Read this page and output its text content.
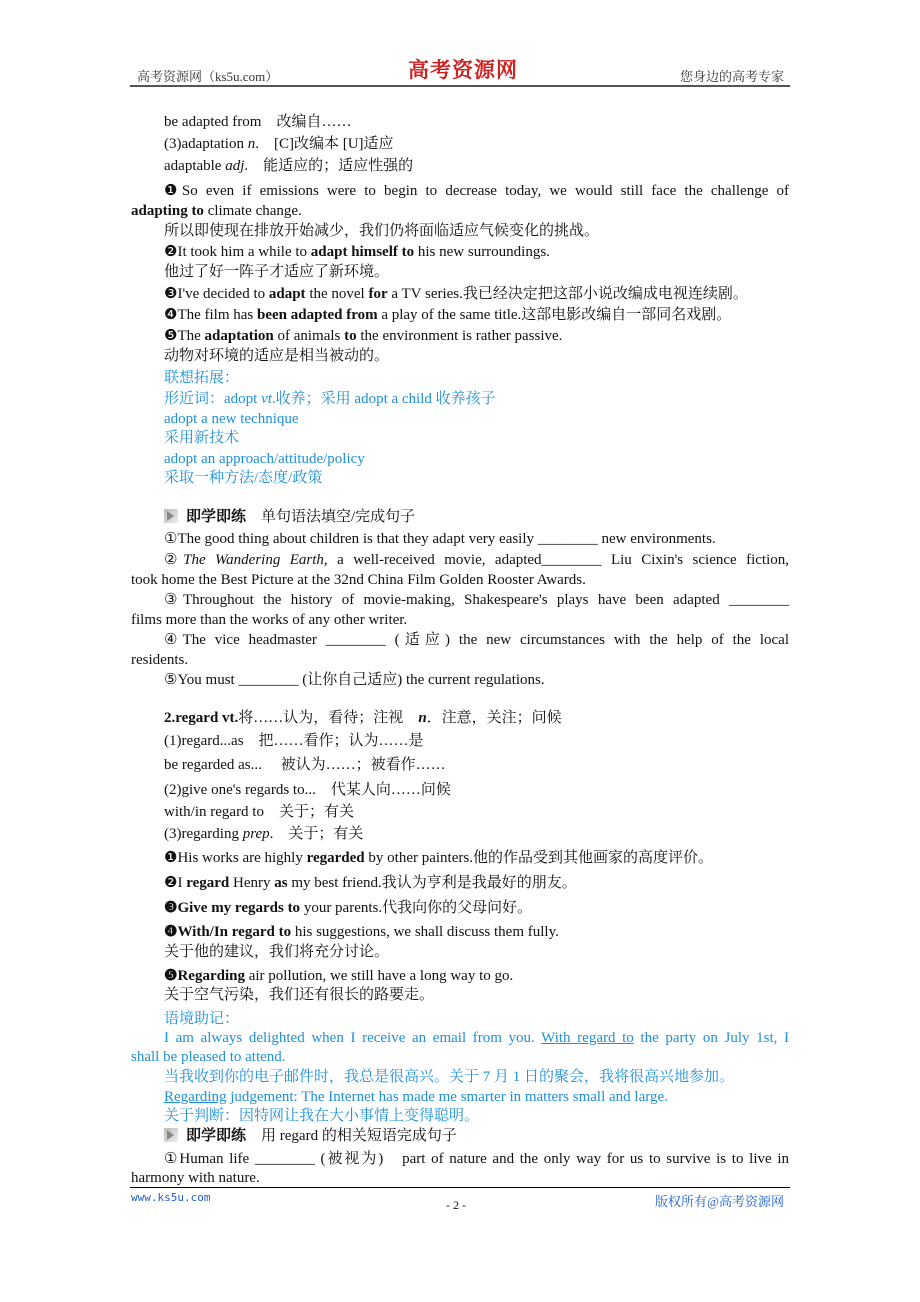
高考资源网（ks5u.com）	高考资源网	您身边的高考专家
be adapted from　改编自……
(3)adaptation n.　[C]改编本 [U]适应
adaptable adj.　能适应的；适应性强的
❶So even if emissions were to begin to decrease today, we would still face the challenge of
adapting to climate change.
所以即使现在排放开始减少，我们仍将面临适应气候变化的挑战。
❷It took him a while to adapt himself to his new surroundings.
他过了好一阵子才适应了新环境。
❸I've decided to adapt the novel for a TV series.我已经决定把这部小说改编成电视连续剧。
❹The film has been adapted from a play of the same title.这部电影改编自一部同名戏剧。
❺The adaptation of animals to the environment is rather passive.
动物对环境的适应是相当被动的。
联想拓展：
形近词：adopt vt.收养；采用 adopt a child 收养孩子
adopt a new technique
采用新技术
adopt an approach/attitude/policy
采取一种方法/态度/政策
即学即练　单句语法填空/完成句子
①The good thing about children is that they adapt very easily ________ new environments.
②The Wandering Earth, a well-received movie, adapted________ Liu Cixin's science fiction,
took home the Best Picture at the 32nd China Film Golden Rooster Awards.
③Throughout the history of movie-making, Shakespeare's plays have been adapted ________
films more than the works of any other writer.
④The vice headmaster ________ (适应) the new circumstances with the help of the local
residents.
⑤You must ________ (让你自己适应) the current regulations.
2.regard vt.将……认为，看待；注视　n．注意，关注；问候
(1)regard...as　把……看作；认为……是
be regarded as...　 被认为……；被看作……
(2)give one's regards to...　代某人向……问候
with/in regard to　关于；有关
(3)regarding prep.　关于；有关
❶His works are highly regarded by other painters.他的作品受到其他画家的高度评价。
❷I regard Henry as my best friend.我认为亨利是我最好的朋友。
❸Give my regards to your parents.代我向你的父母问好。
❹With/In regard to his suggestions, we shall discuss them fully.
关于他的建议，我们将充分讨论。
❺Regarding air pollution, we still have a long way to go.
关于空气污染，我们还有很长的路要走。
语境助记：
I am always delighted when I receive an email from you. With regard to the party on July 1st, I
shall be pleased to attend.
当我收到你的电子邮件时，我总是很高兴。关于 7 月 1 日的聚会，我将很高兴地参加。
Regarding judgement: The Internet has made me smarter in matters small and large.
关于判断：因特网让我在大小事情上变得聪明。
即学即练　用 regard 的相关短语完成句子
①Human life ________ (被视为)　part of nature and the only way for us to survive is to live in
harmony with nature.
www.ks5u.com
- 2 -	版权所有@高考资源网
